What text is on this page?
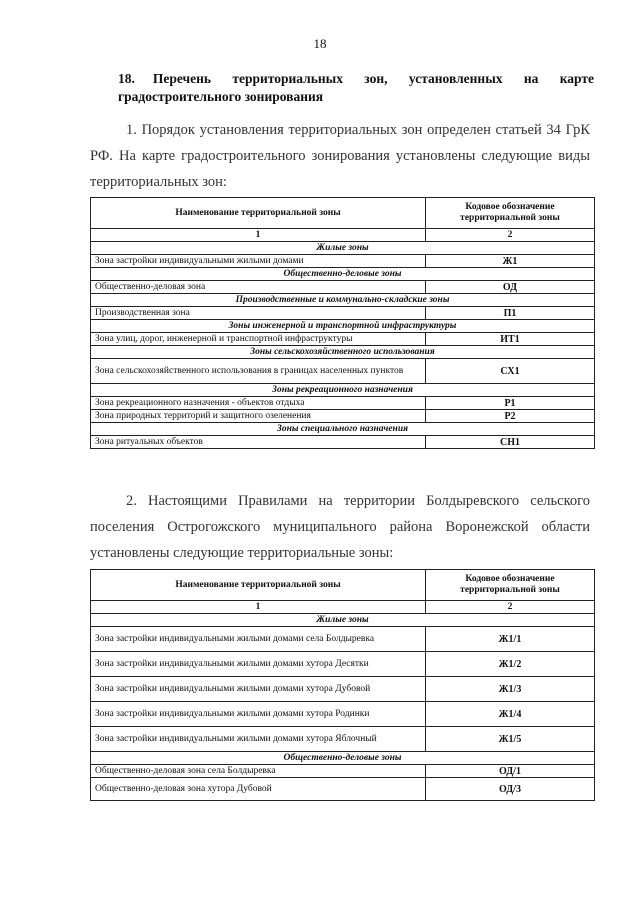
18
18. Перечень территориальных зон, установленных на карте градостроительного зонирования

1. Порядок установления территориальных зон определен статьей 34 ГрК РФ. На карте градостроительного зонирования установлены следующие виды территориальных зон:

Наименование территориальной зоны	Кодовое обозначение территориальной зоны
1	2
Жилые зоны	
Зона застройки индивидуальными жилыми домами	Ж1
Общественно-деловые зоны	
Общественно-деловая зона	ОД
Производственные и коммунально-складские зоны	
Производственная зона	П1
Зоны инженерной и транспортной инфраструктуры	
Зона улиц, дорог, инженерной и транспортной инфраструктуры	ИТ1
Зоны сельскохозяйственного использования	
Зона сельскохозяйственного использования в границах населенных пунктов	СХ1
Зоны рекреационного назначения	
Зона рекреационного назначения - объектов отдыха	Р1
Зона природных территорий и защитного озеленения	Р2
Зоны специального назначения	
Зона ритуальных объектов	СН1

2. Настоящими Правилами на территории Болдыревского сельского поселения Острогожского муниципального района Воронежской области установлены следующие территориальные зоны:

Наименование территориальной зоны	Кодовое обозначение территориальной зоны
1	2
Жилые зоны	
Зона застройки индивидуальными жилыми домами села Болдыревка	Ж1/1
Зона застройки индивидуальными жилыми домами хутора Десятки	Ж1/2
Зона застройки индивидуальными жилыми домами хутора Дубовой	Ж1/3
Зона застройки индивидуальными жилыми домами хутора Родинки	Ж1/4
Зона застройки индивидуальными жилыми домами хутора Яблочный	Ж1/5
Общественно-деловые зоны	
Общественно-деловая зона села Болдыревка	ОД/1
Общественно-деловая зона хутора Дубовой	ОД/3
